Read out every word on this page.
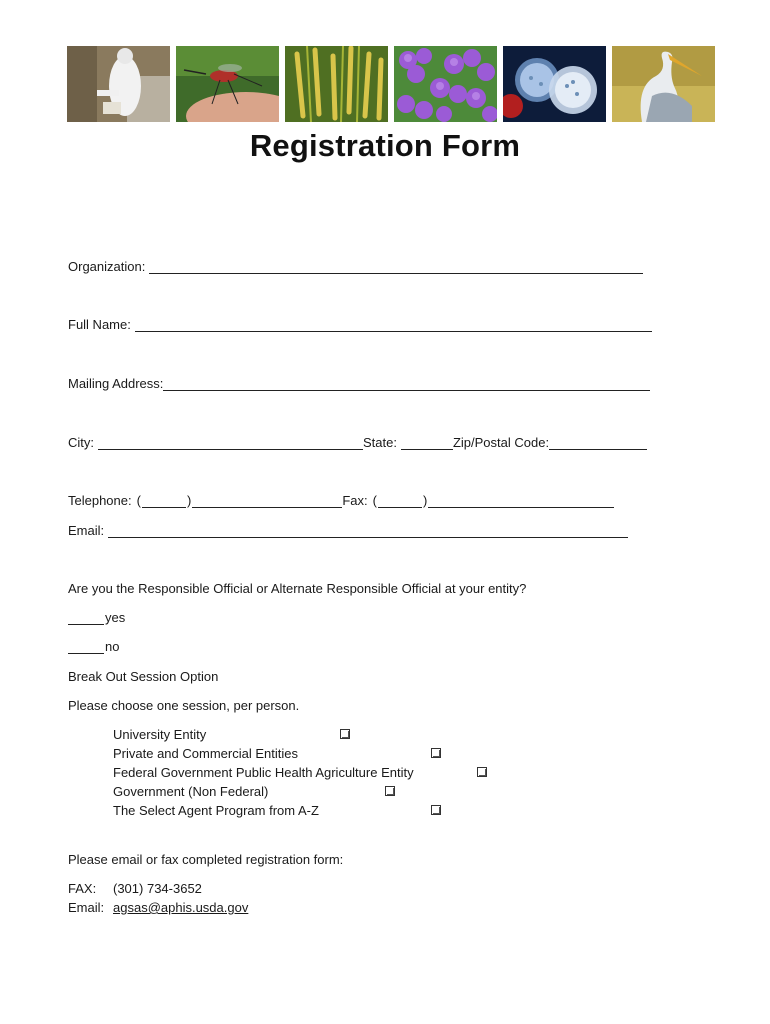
Registration Form
Organization:
Full Name:
Mailing Address:
City:	State:	Zip/Postal Code:
Telephone: (	)	Fax: (	)
Email:
Are you the Responsible Official or Alternate Responsible Official at your entity?
yes
no
Break Out Session Option
Please choose one session, per person.
University Entity
Private and Commercial Entities
Federal Government Public Health Agriculture Entity
Government (Non Federal)
The Select Agent Program from A-Z
Please email or fax completed registration form:
FAX: (301) 734-3652
Email: agsas@aphis.usda.gov
